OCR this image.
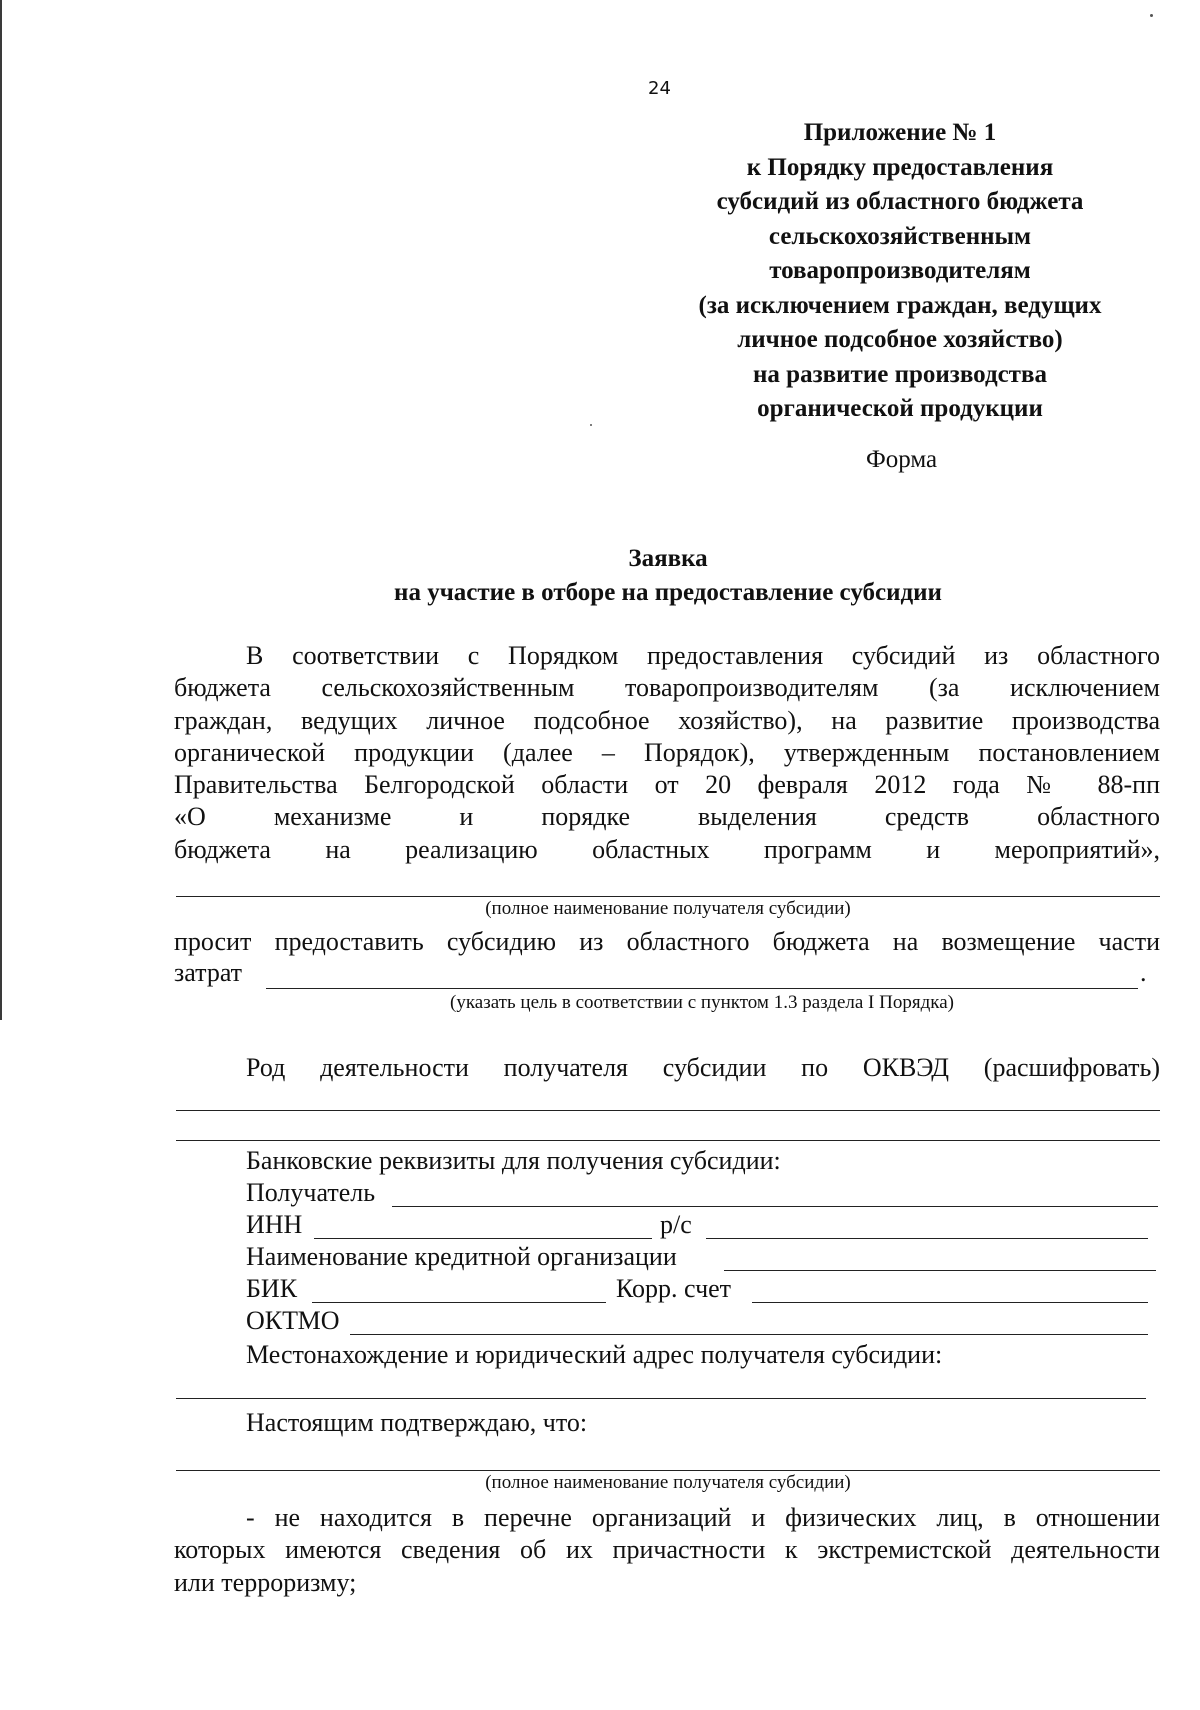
24
Приложение № 1
к Порядку предоставления
субсидий из областного бюджета
сельскохозяйственным
товаропроизводителям
(за исключением граждан, ведущих
личное подсобное хозяйство)
на развитие производства
органической продукции
Форма
Заявка
на участие в отборе на предоставление субсидии
В соответствии с Порядком предоставления субсидий из областного
бюджета сельскохозяйственным товаропроизводителям (за исключением
граждан, ведущих личное подсобное хозяйство), на развитие производства
органической продукции (далее – Порядок), утвержденным постановлением
Правительства Белгородской области от 20 февраля 2012 года № 88-пп
«О механизме и порядке выделения средств областного
бюджета на реализацию областных программ и мероприятий»,
(полное наименование получателя субсидии)
просит предоставить субсидию из областного бюджета на возмещение части
затрат	.
(указать цель в соответствии с пунктом 1.3 раздела I Порядка)
Род деятельности получателя субсидии по ОКВЭД (расшифровать)
Банковские реквизиты для получения субсидии:
Получатель
ИНН	р/с
Наименование кредитной организации
БИК	Корр. счет
ОКТМО
Местонахождение и юридический адрес получателя субсидии:
Настоящим подтверждаю, что:
(полное наименование получателя субсидии)
- не находится в перечне организаций и физических лиц, в отношении
которых имеются сведения об их причастности к экстремистской деятельности
или терроризму;
